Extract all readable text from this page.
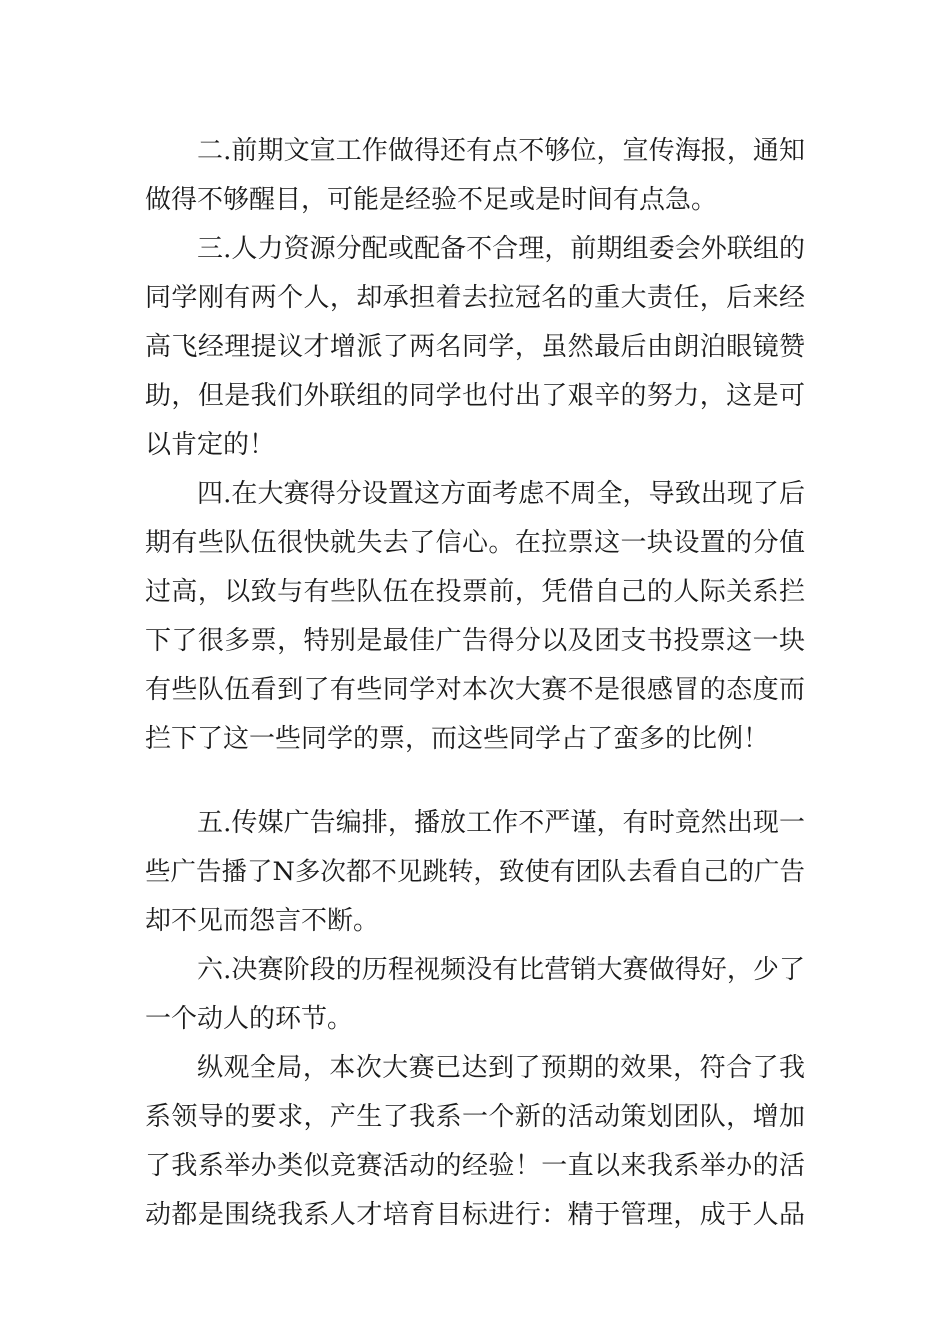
二.前期文宣工作做得还有点不够位，宣传海报，通知

做得不够醒目，可能是经验不足或是时间有点急。

三.人力资源分配或配备不合理，前期组委会外联组的

同学刚有两个人，却承担着去拉冠名的重大责任，后来经

高飞经理提议才增派了两名同学，虽然最后由朗泊眼镜赞

助，但是我们外联组的同学也付出了艰辛的努力，这是可

以肯定的！

四.在大赛得分设置这方面考虑不周全，导致出现了后

期有些队伍很快就失去了信心。在拉票这一块设置的分值

过高，以致与有些队伍在投票前，凭借自己的人际关系拦

下了很多票，特别是最佳广告得分以及团支书投票这一块

有些队伍看到了有些同学对本次大赛不是很感冒的态度而

拦下了这一些同学的票，而这些同学占了蛮多的比例！

五.传媒广告编排，播放工作不严谨，有时竟然出现一

些广告播了N多次都不见跳转，致使有团队去看自己的广告

却不见而怨言不断。

六.决赛阶段的历程视频没有比营销大赛做得好，少了

一个动人的环节。

纵观全局，本次大赛已达到了预期的效果，符合了我

系领导的要求，产生了我系一个新的活动策划团队，增加

了我系举办类似竞赛活动的经验！一直以来我系举办的活

动都是围绕我系人才培育目标进行：精于管理，成于人品
